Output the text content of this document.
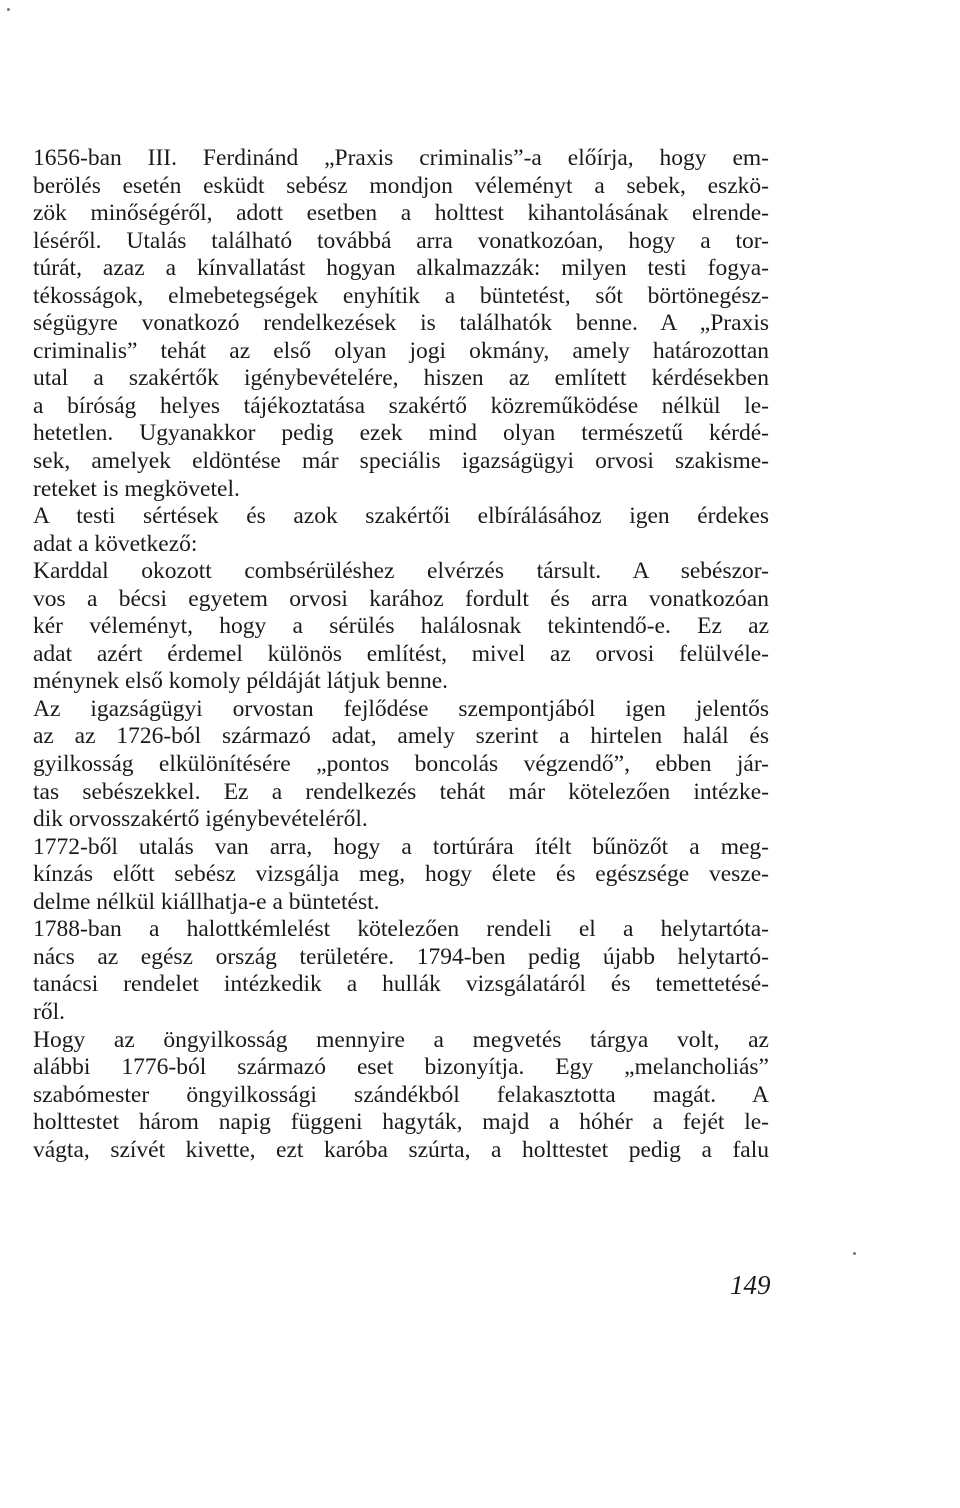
1656-ban III. Ferdinánd „Praxis criminalis”-a előírja, hogy em-
berölés esetén esküdt sebész mondjon véleményt a sebek, eszkö-
zök minőségéről, adott esetben a holttest kihantolásának elrende-
léséről. Utalás található továbbá arra vonatkozóan, hogy a tor-
túrát, azaz a kínvallatást hogyan alkalmazzák: milyen testi fogya-
tékosságok, elmebetegségek enyhítik a büntetést, sőt börtönegész-
ségügyre vonatkozó rendelkezések is találhatók benne. A „Praxis
criminalis” tehát az első olyan jogi okmány, amely határozottan
utal a szakértők igénybevételére, hiszen az említett kérdésekben
a bíróság helyes tájékoztatása szakértő közreműködése nélkül le-
hetetlen. Ugyanakkor pedig ezek mind olyan természetű kérdé-
sek, amelyek eldöntése már speciális igazságügyi orvosi szakisme-
reteket is megkövetel.
A testi sértések és azok szakértői elbírálásához igen érdekes
adat a következő:
Karddal okozott combsérüléshez elvérzés társult. A sebészor-
vos a bécsi egyetem orvosi karához fordult és arra vonatkozóan
kér véleményt, hogy a sérülés halálosnak tekintendő-e. Ez az
adat azért érdemel különös említést, mivel az orvosi felülvéle-
ménynek első komoly példáját látjuk benne.
Az igazságügyi orvostan fejlődése szempontjából igen jelentős
az az 1726-ból származó adat, amely szerint a hirtelen halál és
gyilkosság elkülönítésére „pontos boncolás végzendő”, ebben jár-
tas sebészekkel. Ez a rendelkezés tehát már kötelezően intézke-
dik orvosszakértő igénybevételéről.
1772-ből utalás van arra, hogy a tortúrára ítélt bűnözőt a meg-
kínzás előtt sebész vizsgálja meg, hogy élete és egészsége vesze-
delme nélkül kiállhatja-e a büntetést.
1788-ban a halottkémlelést kötelezően rendeli el a helytartóta-
nács az egész ország területére. 1794-ben pedig újabb helytartó-
tanácsi rendelet intézkedik a hullák vizsgálatáról és temettetésé-
ről.
Hogy az öngyilkosság mennyire a megvetés tárgya volt, az
alábbi 1776-ból származó eset bizonyítja. Egy „melancholiás”
szabómester öngyilkossági szándékból felakasztotta magát. A
holttestet három napig függeni hagyták, majd a hóhér a fejét le-
vágta, szívét kivette, ezt karóba szúrta, a holttestet pedig a falu
149
